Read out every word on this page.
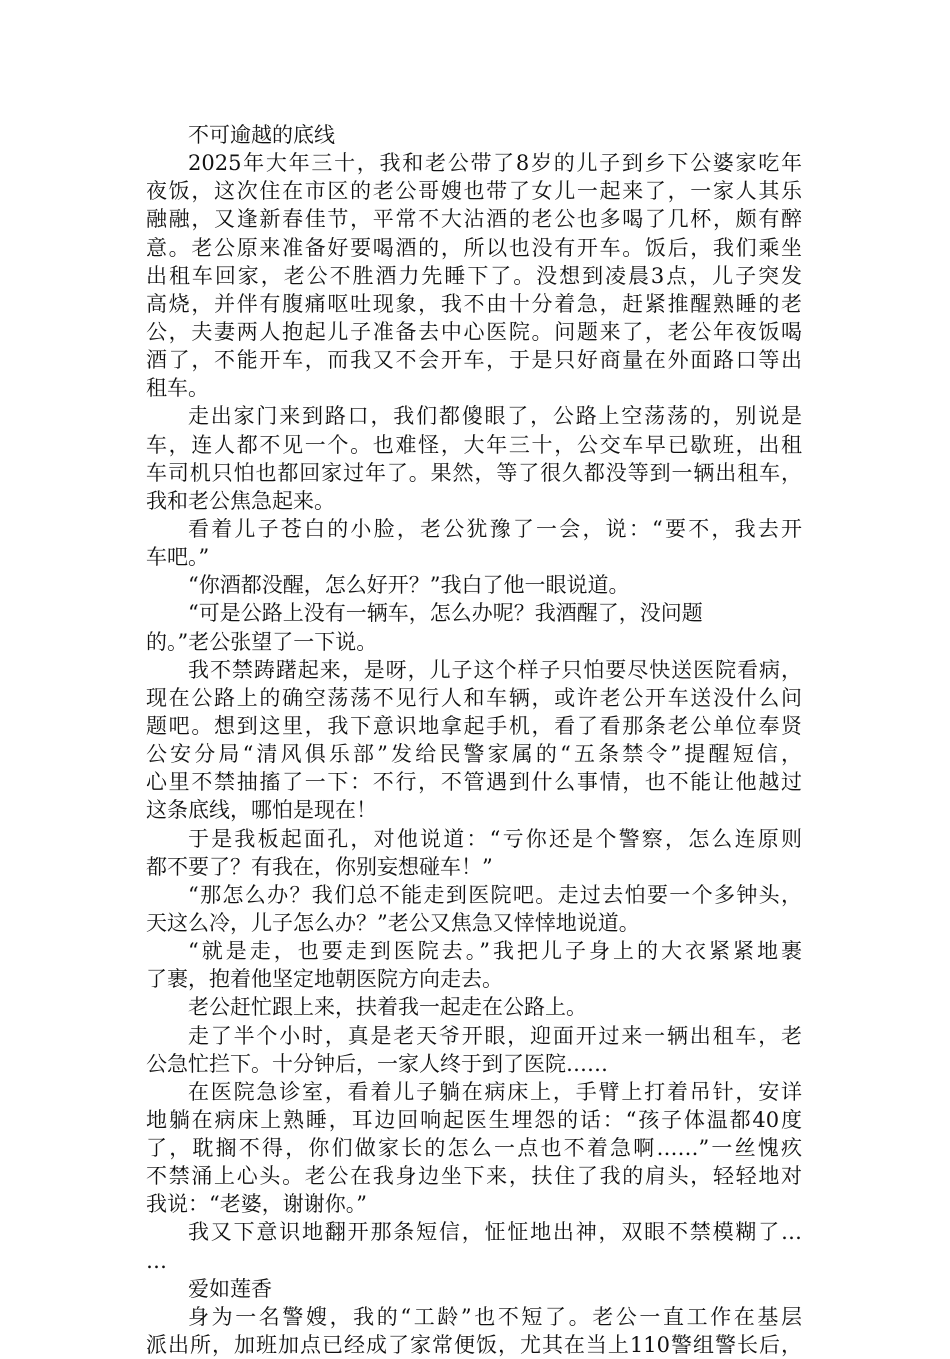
不可逾越的底线
2025年大年三十，我和老公带了8岁的儿子到乡下公婆家吃年
夜饭，这次住在市区的老公哥嫂也带了女儿一起来了，一家人其乐
融融，又逢新春佳节，平常不大沾酒的老公也多喝了几杯，颇有醉
意。老公原来准备好要喝酒的，所以也没有开车。饭后，我们乘坐
出租车回家，老公不胜酒力先睡下了。没想到凌晨3点，儿子突发
高烧，并伴有腹痛呕吐现象，我不由十分着急，赶紧推醒熟睡的老
公，夫妻两人抱起儿子准备去中心医院。问题来了，老公年夜饭喝
酒了，不能开车，而我又不会开车，于是只好商量在外面路口等出
租车。
走出家门来到路口，我们都傻眼了，公路上空荡荡的，别说是
车，连人都不见一个。也难怪，大年三十，公交车早已歇班，出租
车司机只怕也都回家过年了。果然，等了很久都没等到一辆出租车，
我和老公焦急起来。
看着儿子苍白的小脸，老公犹豫了一会，说：“要不，我去开
车吧。”
“你酒都没醒，怎么好开？”我白了他一眼说道。
“可是公路上没有一辆车，怎么办呢？我酒醒了，没问题
的。”老公张望了一下说。
我不禁踌躇起来，是呀，儿子这个样子只怕要尽快送医院看病，
现在公路上的确空荡荡不见行人和车辆，或许老公开车送没什么问
题吧。想到这里，我下意识地拿起手机，看了看那条老公单位奉贤
公安分局“清风俱乐部”发给民警家属的“五条禁令”提醒短信，
心里不禁抽搐了一下：不行，不管遇到什么事情，也不能让他越过
这条底线，哪怕是现在！
于是我板起面孔，对他说道：“亏你还是个警察，怎么连原则
都不要了？有我在，你别妄想碰车！”
“那怎么办？我们总不能走到医院吧。走过去怕要一个多钟头，
天这么冷，儿子怎么办？”老公又焦急又悻悻地说道。
“就是走，也要走到医院去。”我把儿子身上的大衣紧紧地裹
了裹，抱着他坚定地朝医院方向走去。
老公赶忙跟上来，扶着我一起走在公路上。
走了半个小时，真是老天爷开眼，迎面开过来一辆出租车，老
公急忙拦下。十分钟后，一家人终于到了医院……
在医院急诊室，看着儿子躺在病床上，手臂上打着吊针，安详
地躺在病床上熟睡，耳边回响起医生埋怨的话：“孩子体温都40度
了，耽搁不得，你们做家长的怎么一点也不着急啊……”一丝愧疚
不禁涌上心头。老公在我身边坐下来，扶住了我的肩头，轻轻地对
我说：“老婆，谢谢你。”
我又下意识地翻开那条短信，怔怔地出神，双眼不禁模糊了…
…
爱如莲香
身为一名警嫂，我的“工龄”也不短了。老公一直工作在基层
派出所，加班加点已经成了家常便饭，尤其在当上110警组警长后，
